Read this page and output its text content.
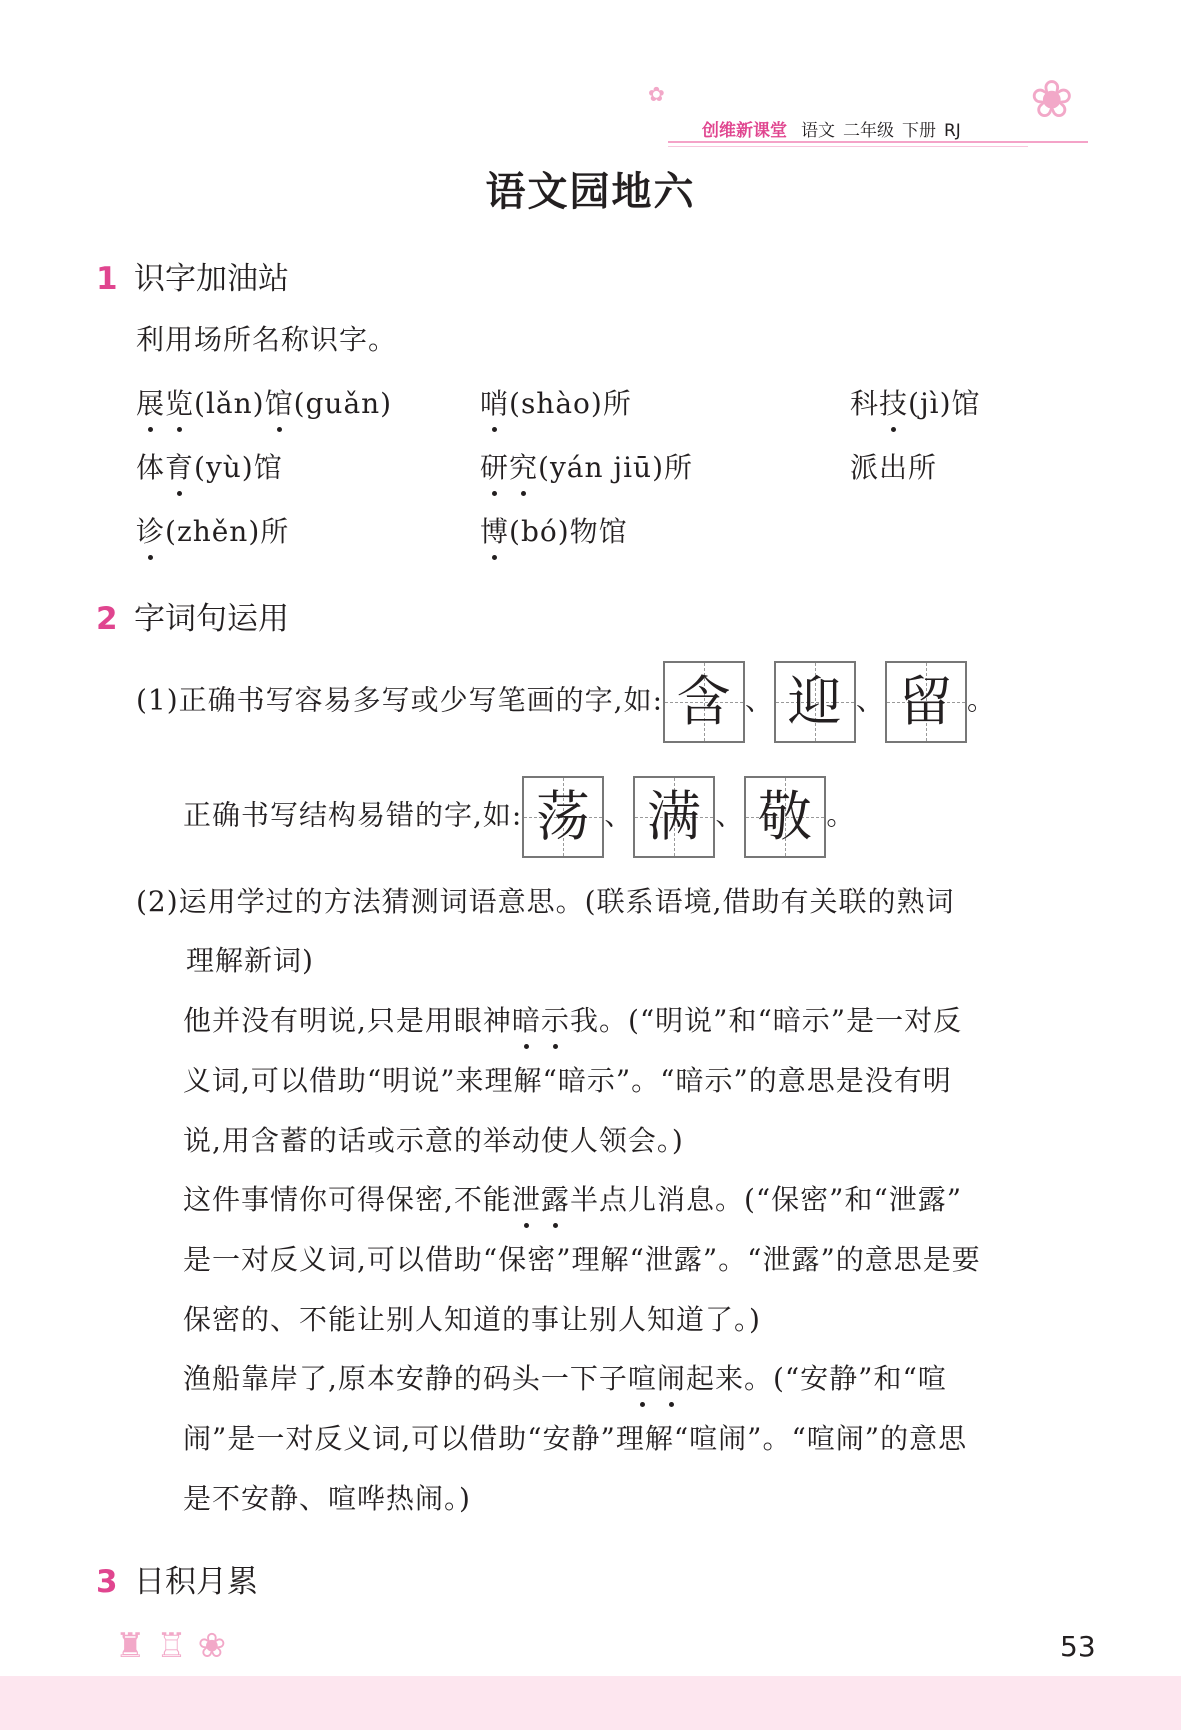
✿	❀
创维新课堂 语文 二年级 下册 RJ
语文园地六
1 识字加油站
利用场所名称识字。
展览(lǎn)馆(guǎn)	哨(shào)所	科技(jì)馆
体育(yù)馆	研究(yán jiū)所	派出所
诊(zhěn)所	博(bó)物馆
2 字词句运用
(1)正确书写容易多写或少写笔画的字,如: 含 、 迎 、 留 。
正确书写结构易错的字,如: 荡 、 满 、 敬 。
(2)运用学过的方法猜测词语意思。(联系语境,借助有关联的熟词
理解新词)
他并没有明说,只是用眼神暗示我。(“明说”和“暗示”是一对反
义词,可以借助“明说”来理解“暗示”。“暗示”的意思是没有明
说,用含蓄的话或示意的举动使人领会。)
这件事情你可得保密,不能泄露半点儿消息。(“保密”和“泄露”
是一对反义词,可以借助“保密”理解“泄露”。“泄露”的意思是要
保密的、不能让别人知道的事让别人知道了。)
渔船靠岸了,原本安静的码头一下子喧闹起来。(“安静”和“喧
闹”是一对反义词,可以借助“安静”理解“喧闹”。“喧闹”的意思
是不安静、喧哗热闹。)
3 日积月累
♜ ♖ ❀	53
